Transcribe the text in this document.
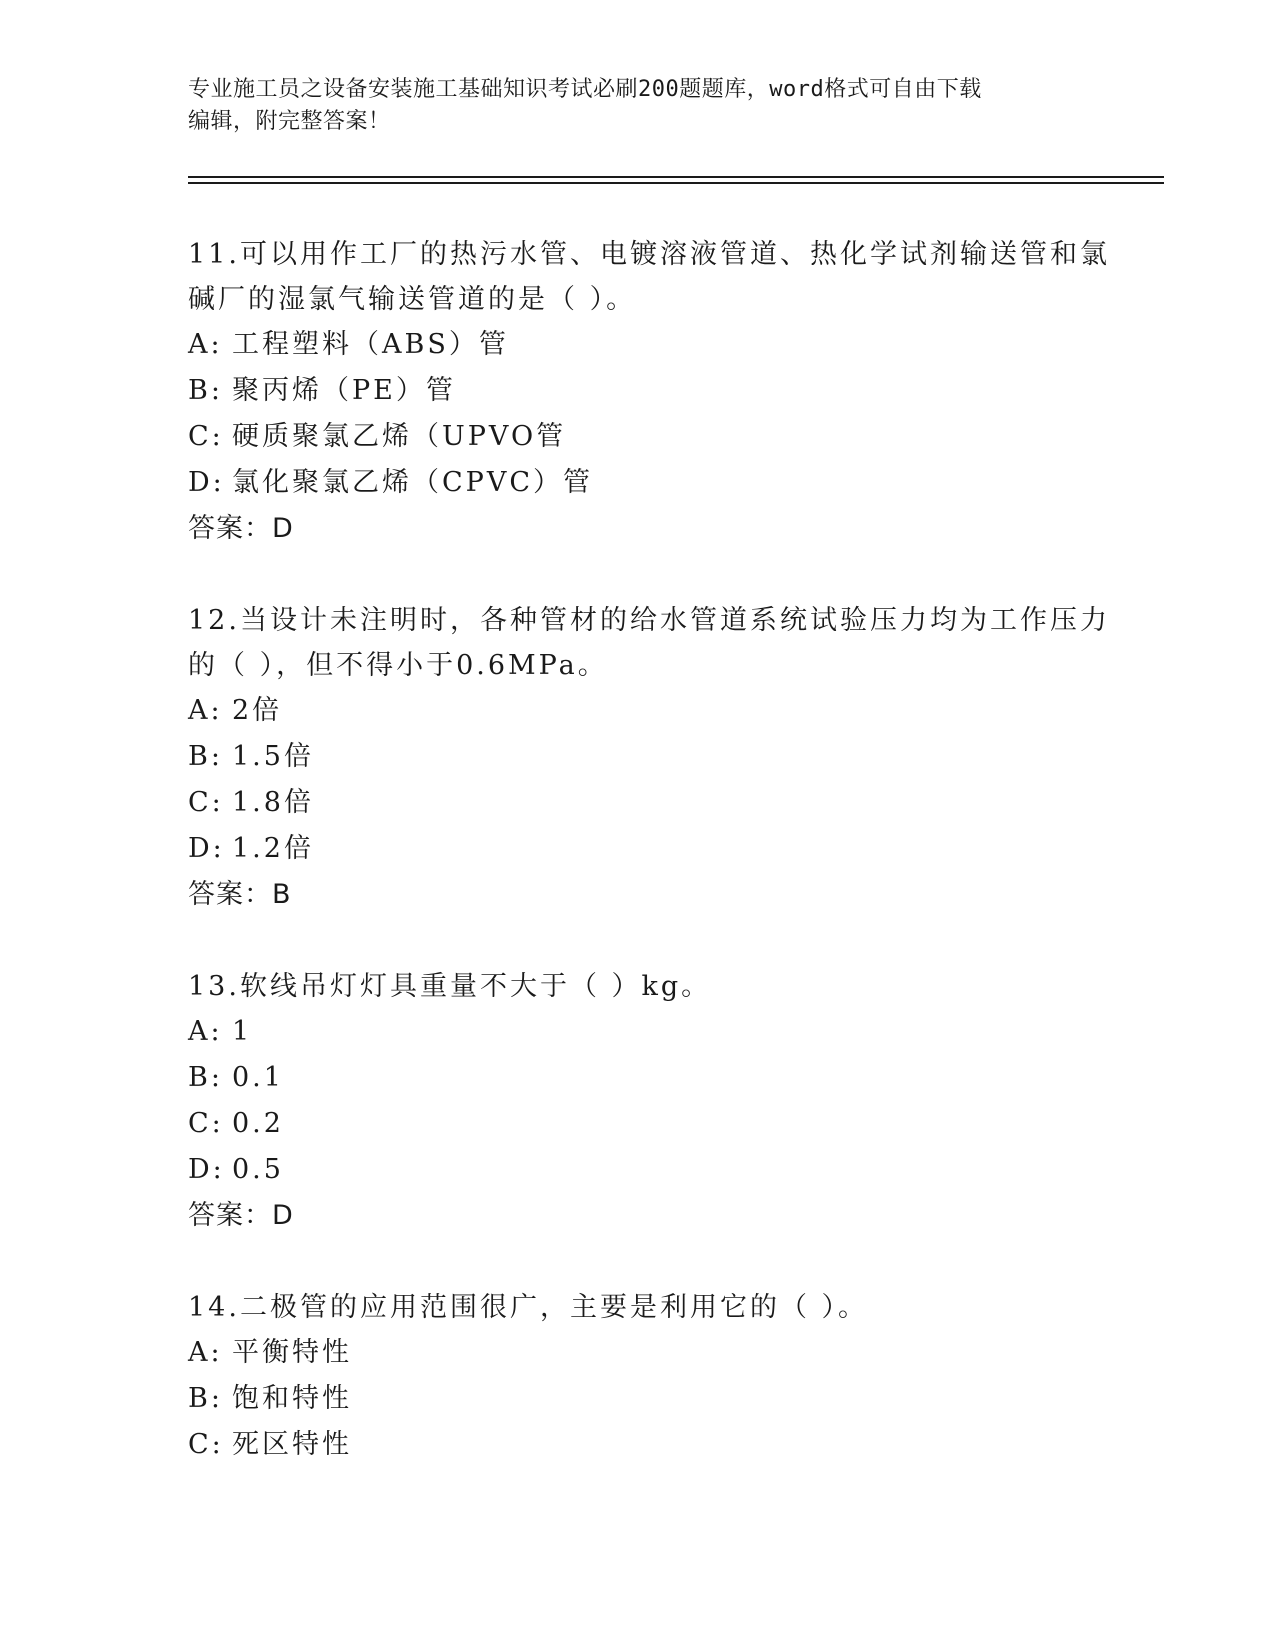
专业施工员之设备安装施工基础知识考试必刷200题题库，word格式可自由下载
编辑，附完整答案！
11.可以用作工厂的热污水管、电镀溶液管道、热化学试剂输送管和氯
碱厂的湿氯气输送管道的是（ ）。
A: 工程塑料（ABS）管
B: 聚丙烯（PE）管
C: 硬质聚氯乙烯（UPVO管
D: 氯化聚氯乙烯（CPVC）管
答案：D
12.当设计未注明时，各种管材的给水管道系统试验压力均为工作压力
的（ ），但不得小于0.6MPa。
A: 2倍
B: 1.5倍
C: 1.8倍
D: 1.2倍
答案：B
13.软线吊灯灯具重量不大于（ ）kg。
A: 1
B: 0.1
C: 0.2
D: 0.5
答案：D
14.二极管的应用范围很广，主要是利用它的（ ）。
A: 平衡特性
B: 饱和特性
C: 死区特性
